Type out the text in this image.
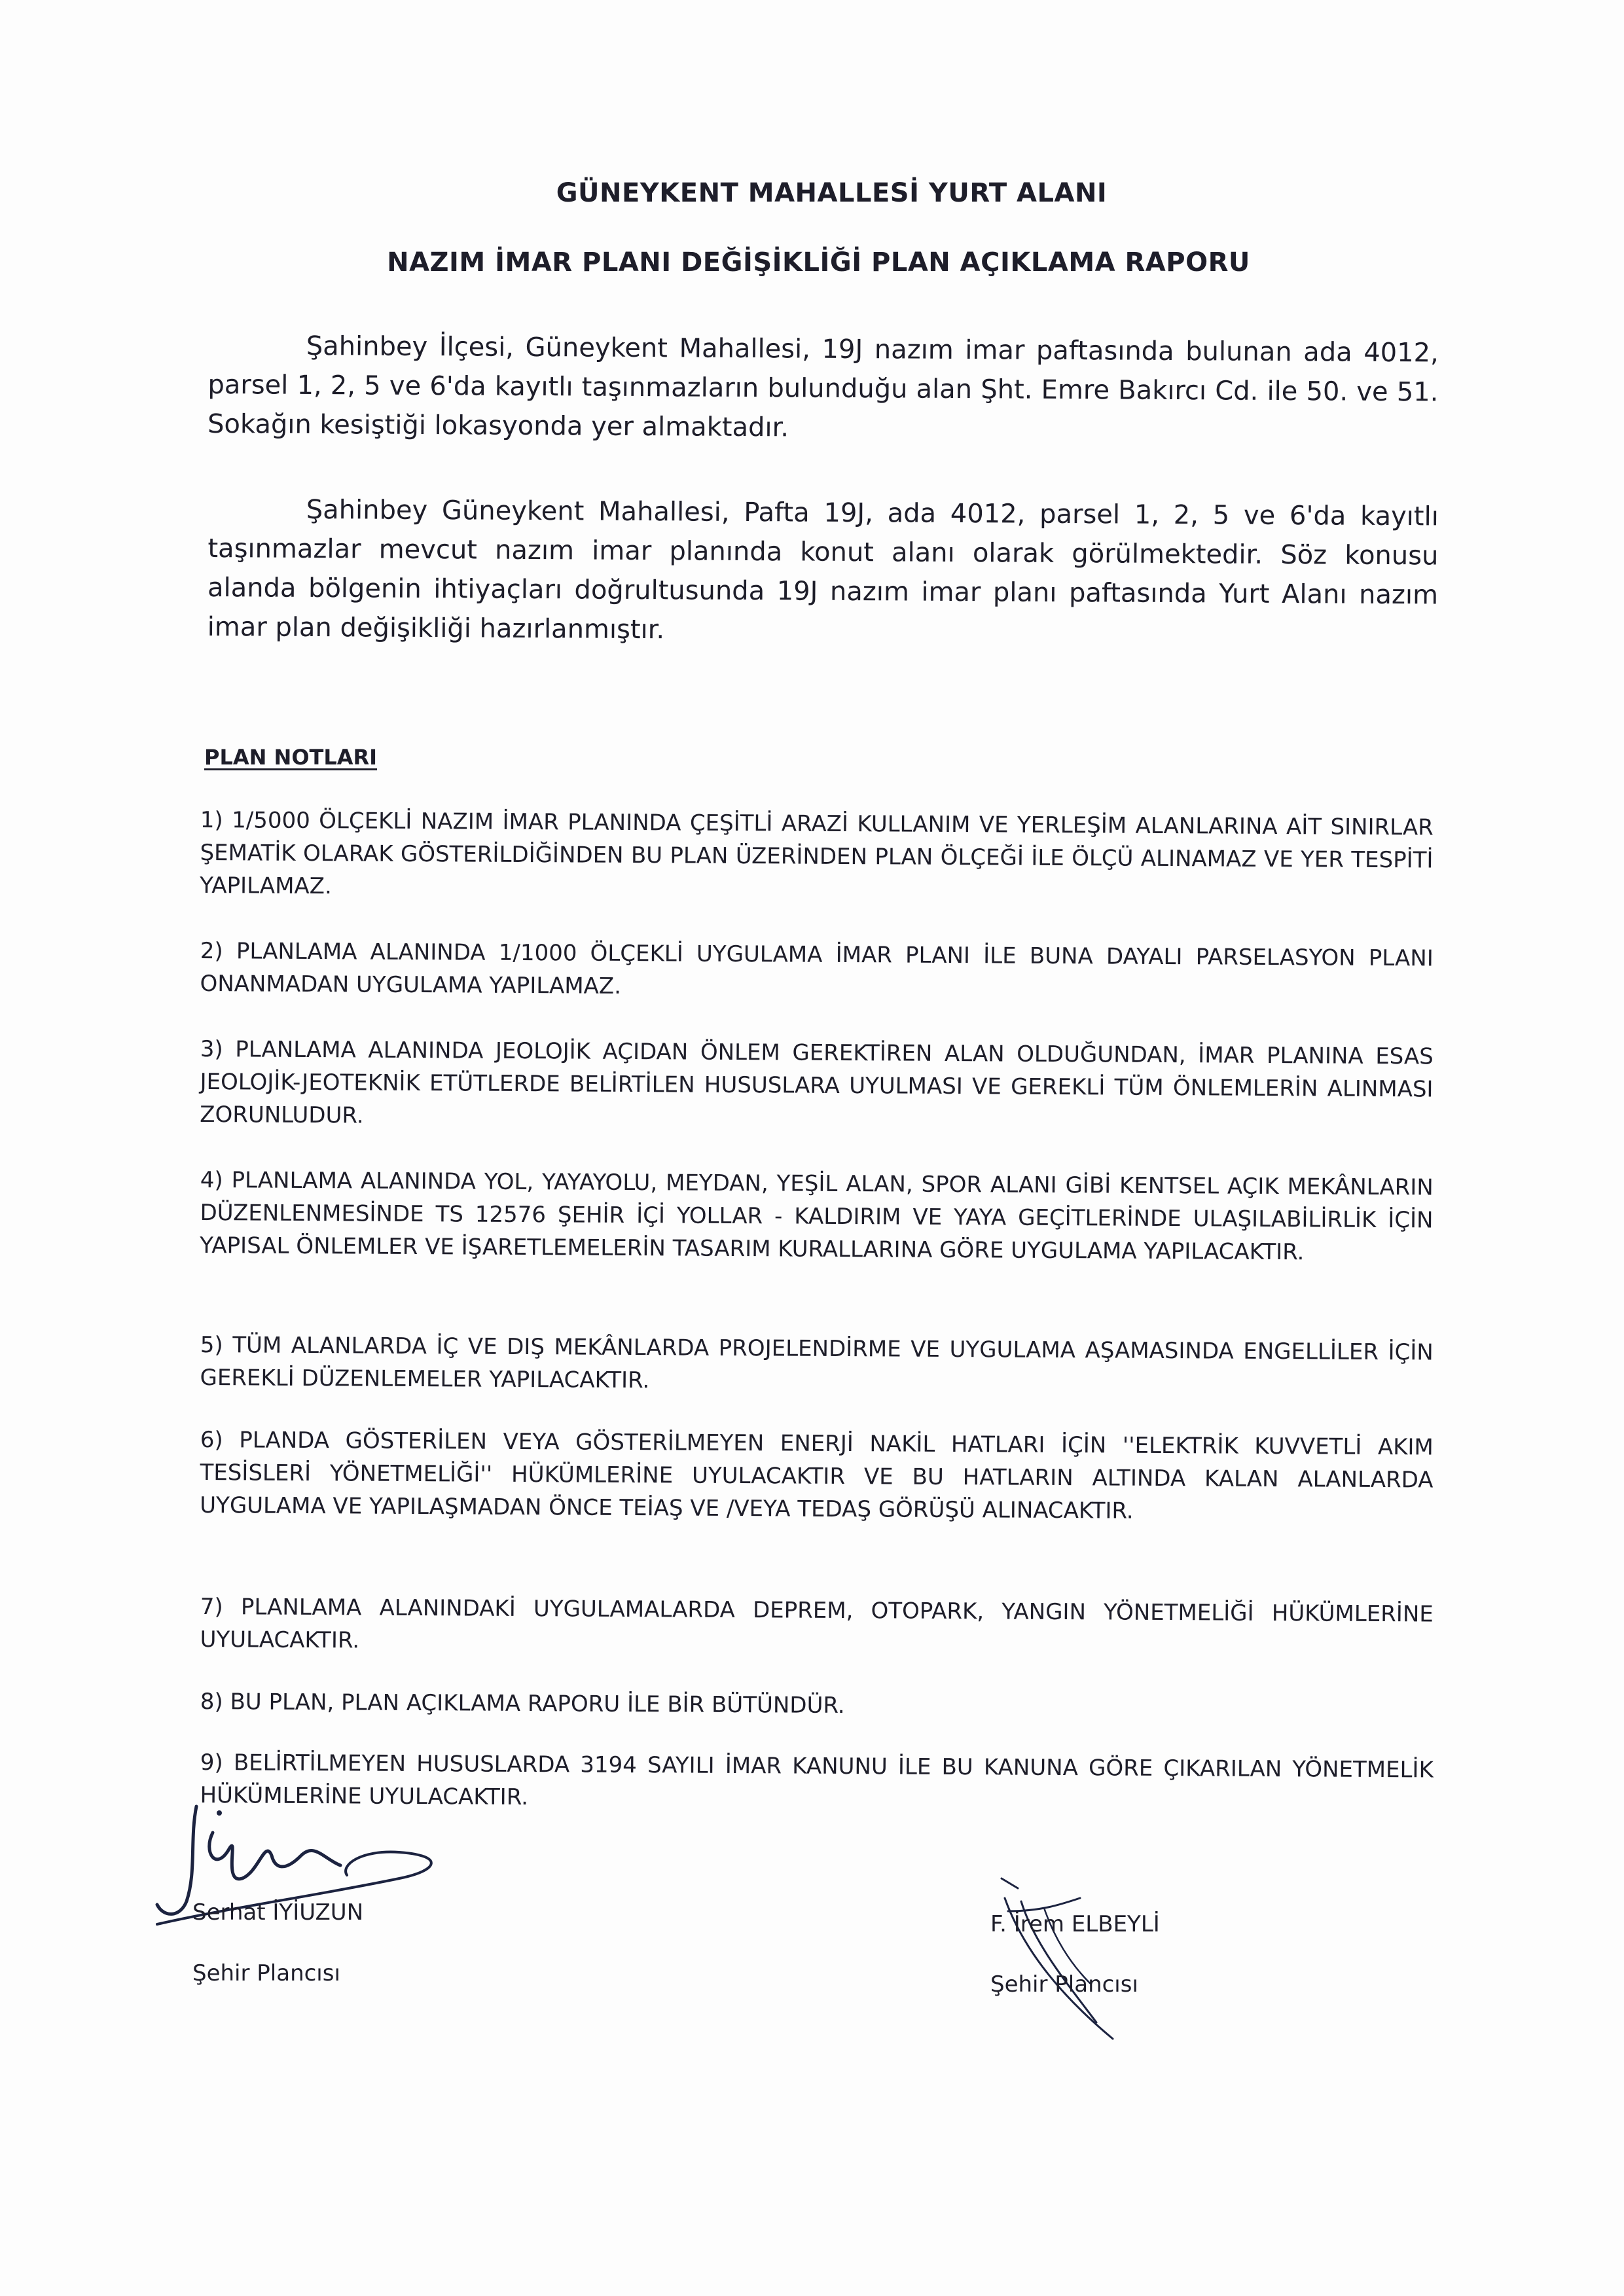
GÜNEYKENT MAHALLESİ YURT ALANI
NAZIM İMAR PLANI DEĞİŞİKLİĞİ PLAN AÇIKLAMA RAPORU
Şahinbey İlçesi, Güneykent Mahallesi, 19J nazım imar paftasında bulunan ada 4012, parsel 1, 2, 5 ve 6'da kayıtlı taşınmazların bulunduğu alan Şht. Emre Bakırcı Cd. ile 50. ve 51. Sokağın kesiştiği lokasyonda yer almaktadır.
Şahinbey Güneykent Mahallesi, Pafta 19J, ada 4012, parsel 1, 2, 5 ve 6'da kayıtlı taşınmazlar mevcut nazım imar planında konut alanı olarak görülmektedir. Söz konusu alanda bölgenin ihtiyaçları doğrultusunda 19J nazım imar planı paftasında Yurt Alanı nazım imar plan değişikliği hazırlanmıştır.
PLAN NOTLARI
1) 1/5000 ÖLÇEKLİ NAZIM İMAR PLANINDA ÇEŞİTLİ ARAZİ KULLANIM VE YERLEŞİM ALANLARINA AİT SINIRLAR ŞEMATİK OLARAK GÖSTERİLDİĞİNDEN BU PLAN ÜZERİNDEN PLAN ÖLÇEĞİ İLE ÖLÇÜ ALINAMAZ VE YER TESPİTİ YAPILAMAZ.
2) PLANLAMA ALANINDA 1/1000 ÖLÇEKLİ UYGULAMA İMAR PLANI İLE BUNA DAYALI PARSELASYON PLANI ONANMADAN UYGULAMA YAPILAMAZ.
3) PLANLAMA ALANINDA JEOLOJİK AÇIDAN ÖNLEM GEREKTİREN ALAN OLDUĞUNDAN, İMAR PLANINA ESAS JEOLOJİK-JEOTEKNİK ETÜTLERDE BELİRTİLEN HUSUSLARA UYULMASI VE GEREKLİ TÜM ÖNLEMLERİN ALINMASI ZORUNLUDUR.
4) PLANLAMA ALANINDA YOL, YAYAYOLU, MEYDAN, YEŞİL ALAN, SPOR ALANI GİBİ KENTSEL AÇIK MEKÂNLARIN DÜZENLENMESİNDE TS 12576 ŞEHİR İÇİ YOLLAR - KALDIRIM VE YAYA GEÇİTLERİNDE ULAŞILABİLİRLİK İÇİN YAPISAL ÖNLEMLER VE İŞARETLEMELERİN TASARIM KURALLARINA GÖRE UYGULAMA YAPILACAKTIR.
5) TÜM ALANLARDA İÇ VE DIŞ MEKÂNLARDA PROJELENDİRME VE UYGULAMA AŞAMASINDA ENGELLİLER İÇİN GEREKLİ DÜZENLEMELER YAPILACAKTIR.
6) PLANDA GÖSTERİLEN VEYA GÖSTERİLMEYEN ENERJİ NAKİL HATLARI İÇİN ''ELEKTRİK KUVVETLİ AKIM TESİSLERİ YÖNETMELİĞİ'' HÜKÜMLERİNE UYULACAKTIR VE BU HATLARIN ALTINDA KALAN ALANLARDA UYGULAMA VE YAPILAŞMADAN ÖNCE TEİAŞ VE /VEYA TEDAŞ GÖRÜŞÜ ALINACAKTIR.
7) PLANLAMA ALANINDAKİ UYGULAMALARDA DEPREM, OTOPARK, YANGIN YÖNETMELİĞİ HÜKÜMLERİNE UYULACAKTIR.
8) BU PLAN, PLAN AÇIKLAMA RAPORU İLE BİR BÜTÜNDÜR.
9) BELİRTİLMEYEN HUSUSLARDA 3194 SAYILI İMAR KANUNU İLE BU KANUNA GÖRE ÇIKARILAN YÖNETMELİK HÜKÜMLERİNE UYULACAKTIR.
Serhat İYİUZUN
Şehir Plancısı
F. İrem ELBEYLİ
Şehir Plancısı
